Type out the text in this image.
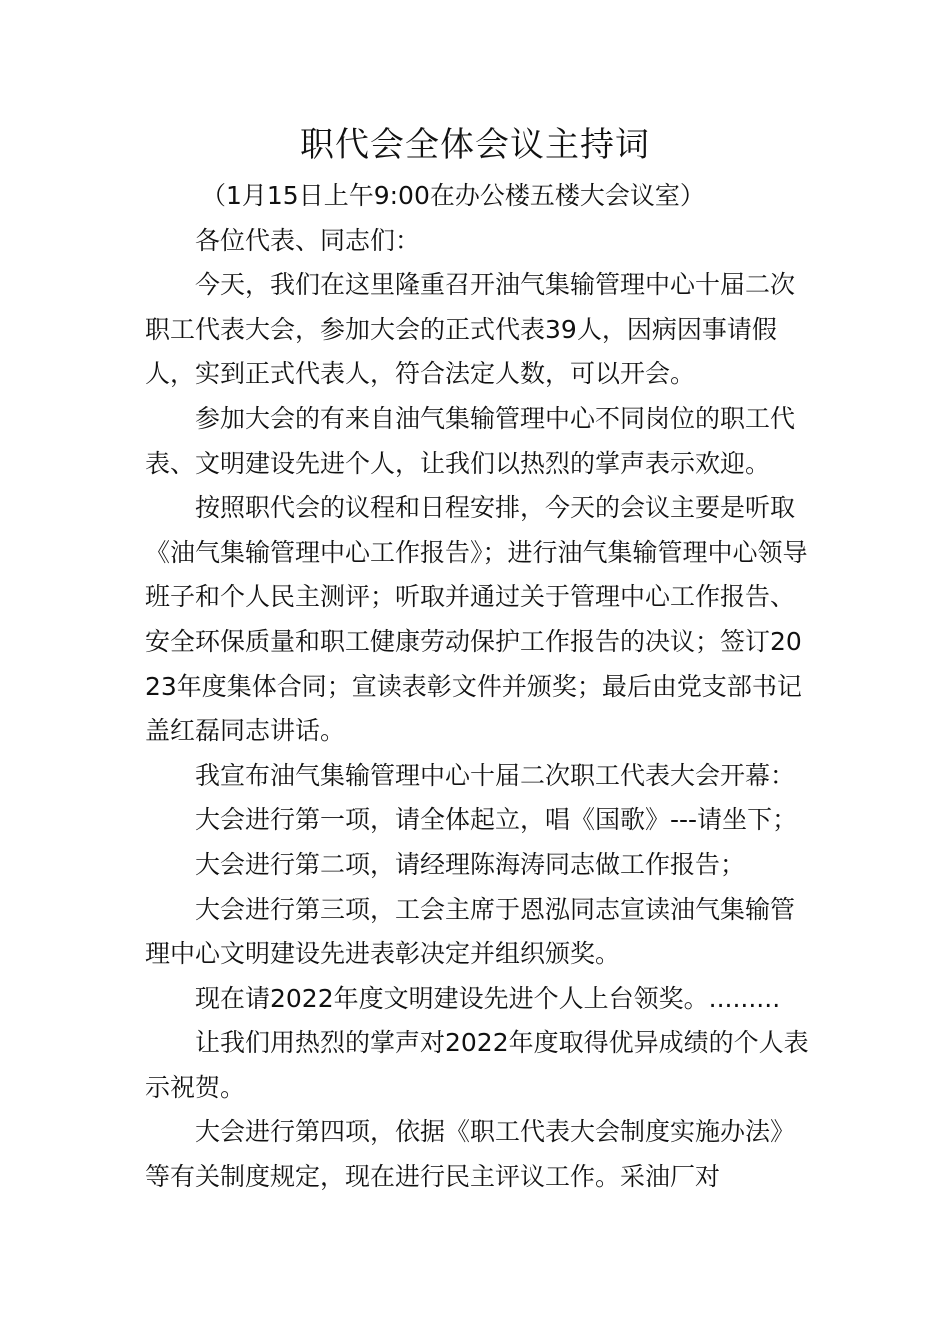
职代会全体会议主持词

（1月15日上午9:00在办公楼五楼大会议室）

各位代表、同志们：

今天，我们在这里隆重召开油气集输管理中心十届二次职工代表大会，参加大会的正式代表39人，因病因事请假人，实到正式代表人，符合法定人数，可以开会。

参加大会的有来自油气集输管理中心不同岗位的职工代表、文明建设先进个人，让我们以热烈的掌声表示欢迎。

按照职代会的议程和日程安排，今天的会议主要是听取《油气集输管理中心工作报告》；进行油气集输管理中心领导班子和个人民主测评；听取并通过关于管理中心工作报告、安全环保质量和职工健康劳动保护工作报告的决议；签订2023年度集体合同；宣读表彰文件并颁奖；最后由党支部书记盖红磊同志讲话。

我宣布油气集输管理中心十届二次职工代表大会开幕：

大会进行第一项，请全体起立，唱《国歌》---请坐下；

大会进行第二项，请经理陈海涛同志做工作报告；

大会进行第三项，工会主席于恩泓同志宣读油气集输管理中心文明建设先进表彰决定并组织颁奖。

现在请2022年度文明建设先进个人上台领奖。.........

让我们用热烈的掌声对2022年度取得优异成绩的个人表示祝贺。

大会进行第四项，依据《职工代表大会制度实施办法》等有关制度规定，现在进行民主评议工作。采油厂对
